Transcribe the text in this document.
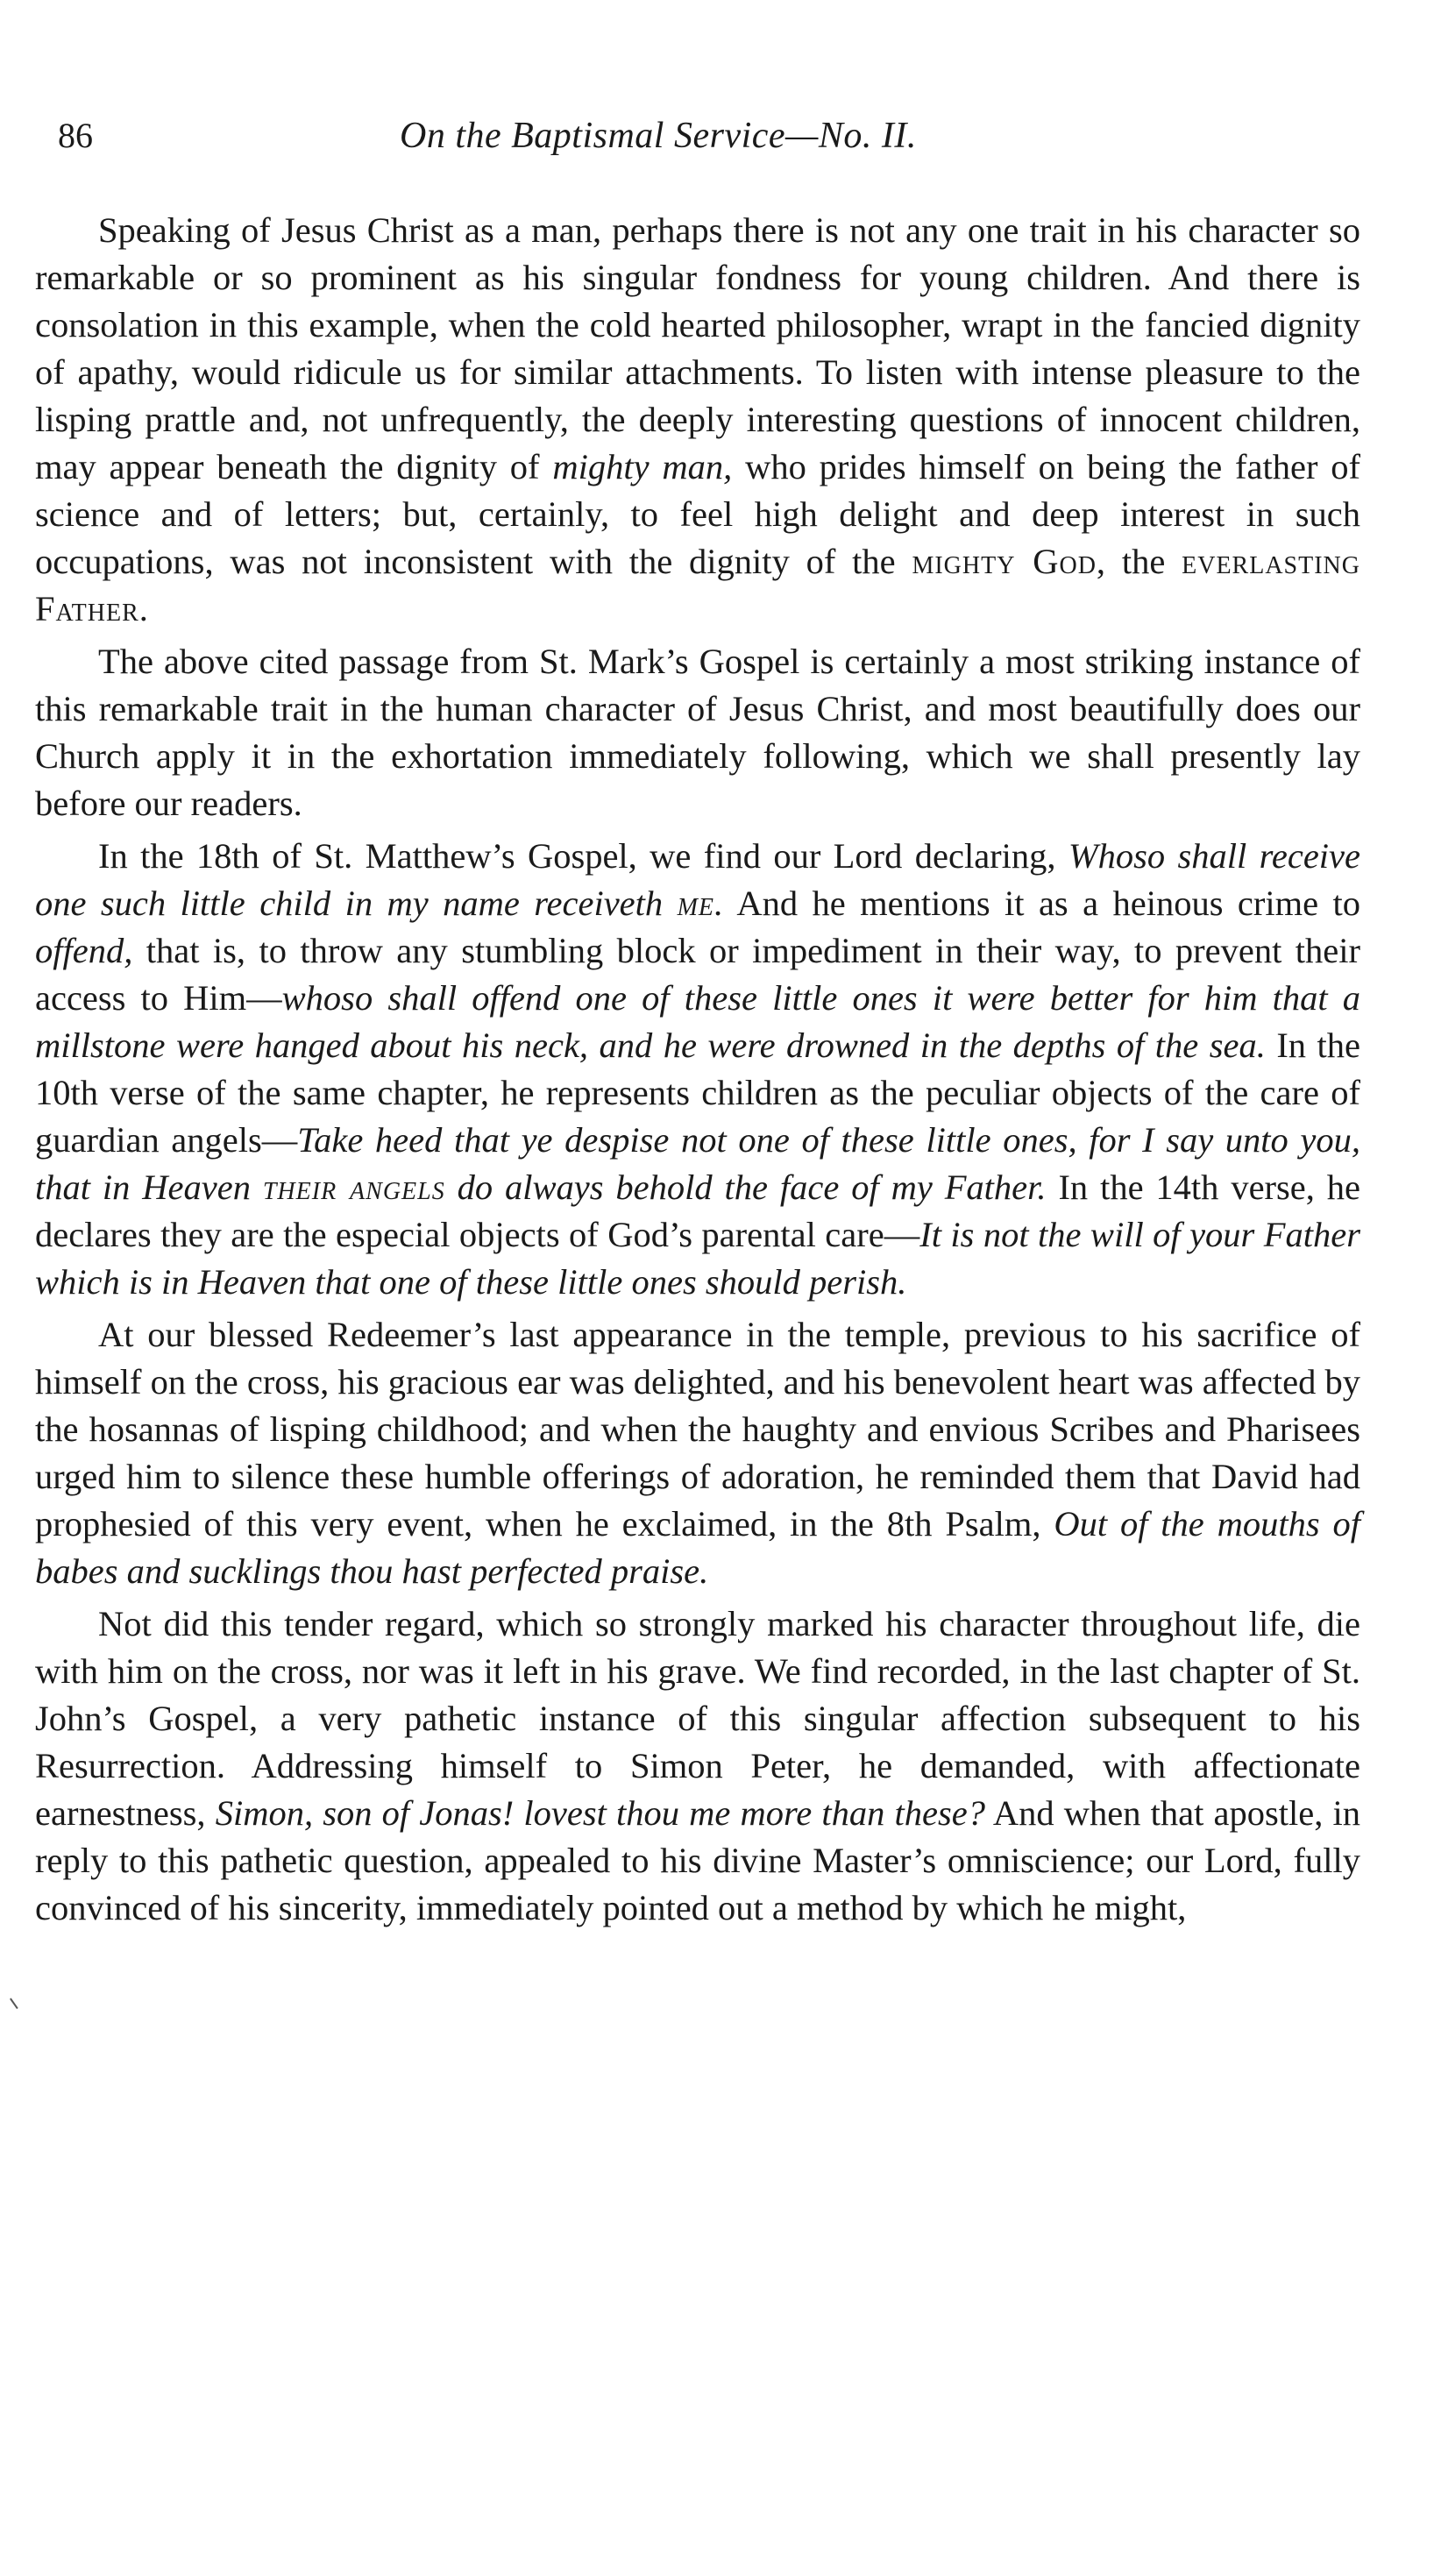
86	On the Baptismal Service—No. II.

Speaking of Jesus Christ as a man, perhaps there is not any one trait in his character so remarkable or so prominent as his singular fondness for young children. And there is consolation in this example, when the cold hearted philosopher, wrapt in the fancied dignity of apathy, would ridicule us for similar attachments. To listen with intense pleasure to the lisping prattle and, not unfrequently, the deeply interesting questions of innocent children, may appear beneath the dignity of mighty man, who prides himself on being the father of science and of letters; but, certainly, to feel high delight and deep interest in such occupations, was not inconsistent with the dignity of the mighty God, the everlasting Father.

The above cited passage from St. Mark’s Gospel is certainly a most striking instance of this remarkable trait in the human character of Jesus Christ, and most beautifully does our Church apply it in the exhortation immediately following, which we shall presently lay before our readers.

In the 18th of St. Matthew’s Gospel, we find our Lord declaring, Whoso shall receive one such little child in my name receiveth me. And he mentions it as a heinous crime to offend, that is, to throw any stumbling block or impediment in their way, to prevent their access to Him—whoso shall offend one of these little ones it were better for him that a millstone were hanged about his neck, and he were drowned in the depths of the sea. In the 10th verse of the same chapter, he represents children as the peculiar objects of the care of guardian angels—Take heed that ye despise not one of these little ones, for I say unto you, that in Heaven their angels do always behold the face of my Father. In the 14th verse, he declares they are the especial objects of God’s parental care—It is not the will of your Father which is in Heaven that one of these little ones should perish.

At our blessed Redeemer’s last appearance in the temple, previous to his sacrifice of himself on the cross, his gracious ear was delighted, and his benevolent heart was affected by the hosannas of lisping childhood; and when the haughty and envious Scribes and Pharisees urged him to silence these humble offerings of adoration, he reminded them that David had prophesied of this very event, when he exclaimed, in the 8th Psalm, Out of the mouths of babes and sucklings thou hast perfected praise.

Not did this tender regard, which so strongly marked his character throughout life, die with him on the cross, nor was it left in his grave. We find recorded, in the last chapter of St. John’s Gospel, a very pathetic instance of this singular affection subsequent to his Resurrection. Addressing himself to Simon Peter, he demanded, with affectionate earnestness, Simon, son of Jonas! lovest thou me more than these? And when that apostle, in reply to this pathetic question, appealed to his divine Master’s omniscience; our Lord, fully convinced of his sincerity, immediately pointed out a method by which he might,
